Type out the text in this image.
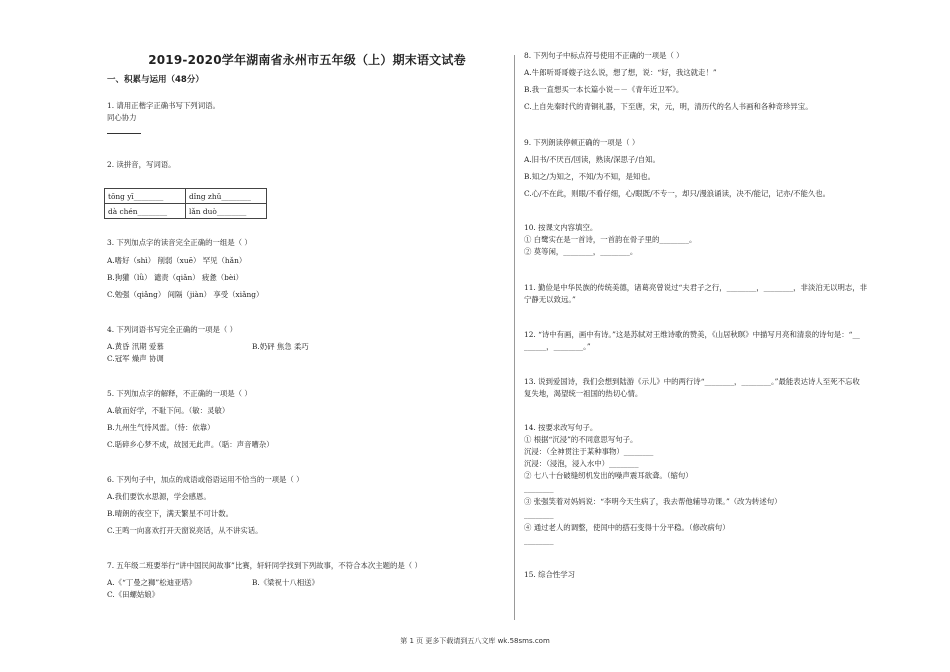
2019-2020学年湖南省永州市五年级（上）期末语文试卷
一、积累与运用（48分）
1. 请用正楷字正确书写下列词语。
同心协力
2. 读拼音，写词语。
tōng yī________	dǐng zhǔ________
dà chén________	lǎn duò________
3. 下列加点字的读音完全正确的一组是（ ）
A.嗜好（shì） 削弱（xuē） 罕见（hǎn）
B.狗獾（lǜ） 谴责（qiǎn） 疲惫（bèi）
C.勉强（qiǎng） 间隔（jiàn） 享受（xiǎng）
4. 下列词语书写完全正确的一项是（ ）
A.黄昏 汛期 爱慕	B.奶砰 焦急 柔巧
C.冠军 燥声 协调
5. 下列加点字的解释，不正确的一项是（ ）
A.敏而好学，不耻下问。（敏：灵敏）
B.九州生气恃风雷。（恃：依靠）
C.聒碎乡心梦不成，故园无此声。（聒：声音嘈杂）
6. 下列句子中，加点的成语或俗语运用不恰当的一项是（ ）
A.我们要饮水思源，学会感恩。
B.晴朗的夜空下，满天繁星不可计数。
C.王鸣一向喜欢打开天窗说亮话，从不讲实话。
7. 五年级二班要举行“讲中国民间故事”比赛，轩轩同学找到下列故事，不符合本次主题的是（ ）
A.《“丁曼之狮”松迪亚塔》	B.《梁祝十八相送》
C.《田螺姑娘》
8. 下列句子中标点符号使用不正确的一项是（ ）
A.牛郎听哥哥嫂子这么说，想了想，说：“好，我这就走！”
B.我一直想买一本长篇小说－－《青年近卫军》。
C.上自先秦时代的青铜礼器，下至唐，宋，元，明，清历代的名人书画和各种奇珍异宝。
9. 下列朗读停顿正确的一项是（ ）
A.旧书/不厌百/回读，熟读/深思子/自知。
B.知之/为知之，不知/为不知，是知也。
C.心/不在此，则眼/不看仔细，心/眼既/不专一，却只/漫浪诵读，决不/能记，记亦/不能久也。
10. 按课文内容填空。
① 白鹭实在是一首诗，一首韵在骨子里的________。
② 莫等闲，________，________。
11. 勤俭是中华民族的传统美德，诸葛亮曾说过“夫君子之行，________，________，非淡泊无以明志，非
宁静无以致远。”
12. “诗中有画，画中有诗。”这是苏轼对王维诗歌的赞美，《山居秋暝》中描写月亮和清泉的诗句是：“__
______，________。”
13. 说到爱国诗，我们会想到陆游《示儿》中的两行诗“________，________。”最能表达诗人至死不忘收
复失地，渴望统一祖国的热切心情。
14. 按要求改写句子。
① 根据“沉浸”的不同意思写句子。
沉浸：（全神贯注于某种事物）________
沉浸：（浸泡，浸入水中）________
② 七八十台破缝纫机发出的噪声震耳欲聋。（缩句）
________
③ 张强笑着对妈妈说：“李明今天生病了，我去帮他辅导功课。”（改为转述句）
________
④ 通过老人的调整，使闰中的搭石变得十分平稳。（修改病句）
________
15. 综合性学习
第 1 页 更多下载请到五八文库 wk.58sms.com
